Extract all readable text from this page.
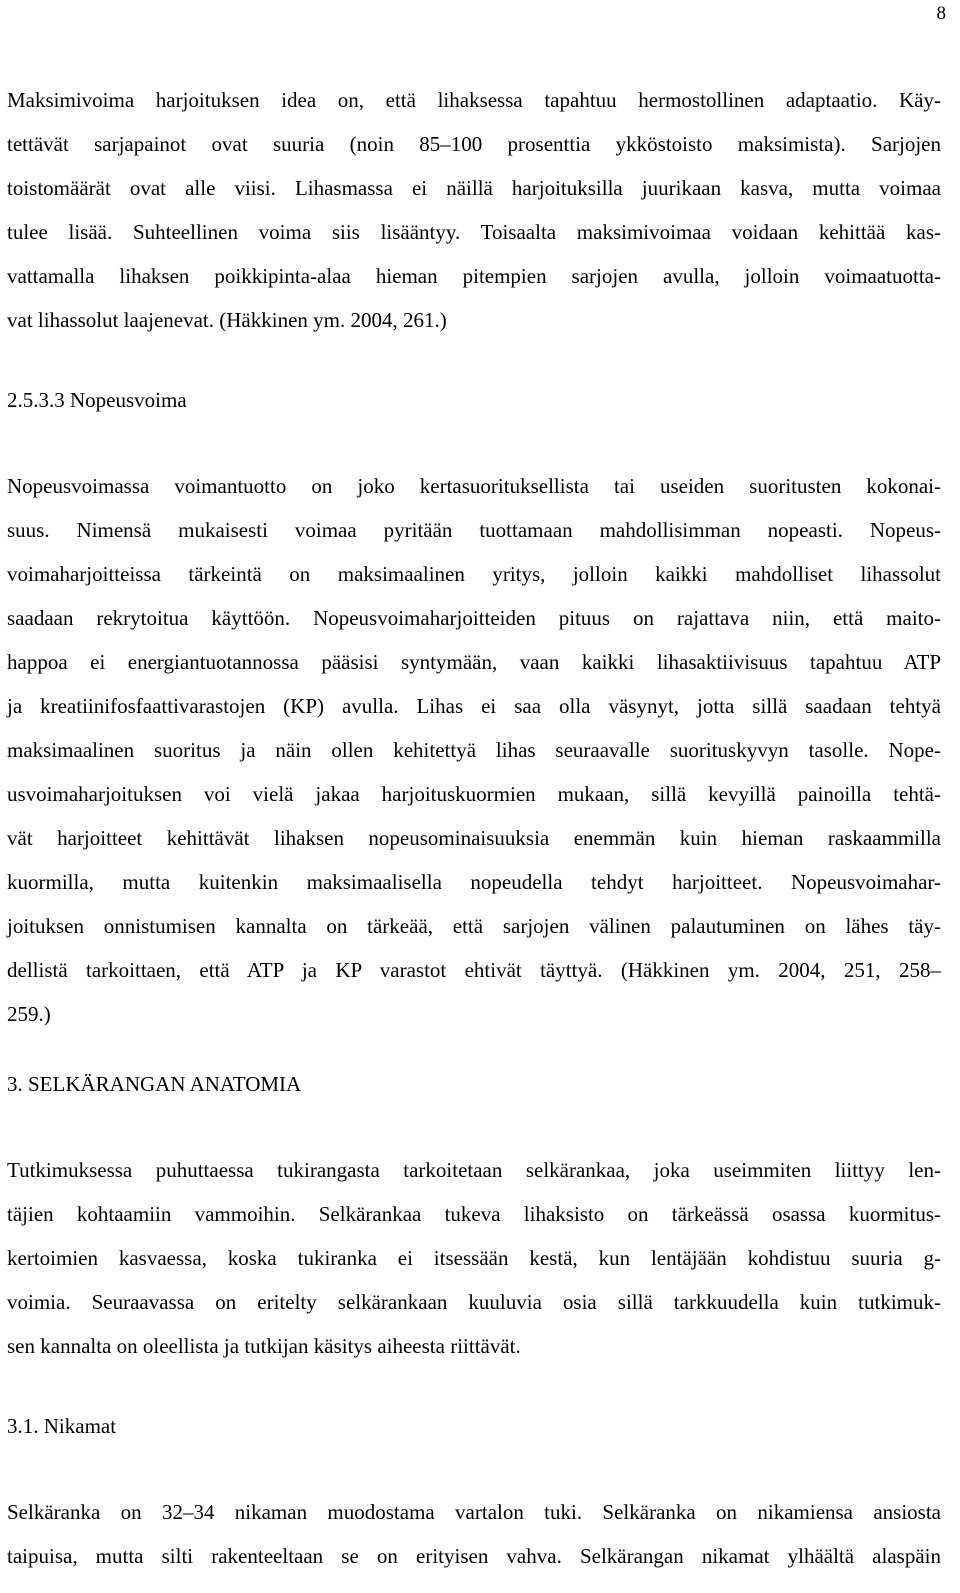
8
Maksimivoima harjoituksen idea on, että lihaksessa tapahtuu hermostollinen adaptaatio. Käy-
tettävät sarjapainot ovat suuria (noin 85–100 prosenttia ykköstoisto maksimista). Sarjojen
toistomäärät ovat alle viisi. Lihasmassa ei näillä harjoituksilla juurikaan kasva, mutta voimaa
tulee lisää. Suhteellinen voima siis lisääntyy. Toisaalta maksimivoimaa voidaan kehittää kas-
vattamalla lihaksen poikkipinta-alaa hieman pitempien sarjojen avulla, jolloin voimaatuotta-
vat lihassolut laajenevat. (Häkkinen ym. 2004, 261.)
2.5.3.3 Nopeusvoima
Nopeusvoimassa voimantuotto on joko kertasuorituksellista tai useiden suoritusten kokonai-
suus. Nimensä mukaisesti voimaa pyritään tuottamaan mahdollisimman nopeasti. Nopeus-
voimaharjoitteissa tärkeintä on maksimaalinen yritys, jolloin kaikki mahdolliset lihassolut
saadaan rekrytoitua käyttöön. Nopeusvoimaharjoitteiden pituus on rajattava niin, että maito-
happoa ei energiantuotannossa pääsisi syntymään, vaan kaikki lihasaktiivisuus tapahtuu ATP
ja kreatiinifosfaattivarastojen (KP) avulla. Lihas ei saa olla väsynyt, jotta sillä saadaan tehtyä
maksimaalinen suoritus ja näin ollen kehitettyä lihas seuraavalle suorituskyvyn tasolle. Nope-
usvoimaharjoituksen voi vielä jakaa harjoituskuormien mukaan, sillä kevyillä painoilla tehtä-
vät harjoitteet kehittävät lihaksen nopeusominaisuuksia enemmän kuin hieman raskaammilla
kuormilla, mutta kuitenkin maksimaalisella nopeudella tehdyt harjoitteet. Nopeusvoimahar-
joituksen onnistumisen kannalta on tärkeää, että sarjojen välinen palautuminen on lähes täy-
dellistä tarkoittaen, että ATP ja KP varastot ehtivät täyttyä. (Häkkinen ym. 2004, 251, 258–
259.)
3. SELKÄRANGAN ANATOMIA
Tutkimuksessa puhuttaessa tukirangasta tarkoitetaan selkärankaa, joka useimmiten liittyy len-
täjien kohtaamiin vammoihin. Selkärankaa tukeva lihaksisto on tärkeässä osassa kuormitus-
kertoimien kasvaessa, koska tukiranka ei itsessään kestä, kun lentäjään kohdistuu suuria g-
voimia. Seuraavassa on eritelty selkärankaan kuuluvia osia sillä tarkkuudella kuin tutkimuk-
sen kannalta on oleellista ja tutkijan käsitys aiheesta riittävät.
3.1. Nikamat
Selkäranka on 32–34 nikaman muodostama vartalon tuki. Selkäranka on nikamiensa ansiosta
taipuisa, mutta silti rakenteeltaan se on erityisen vahva. Selkärangan nikamat ylhäältä alaspäin
